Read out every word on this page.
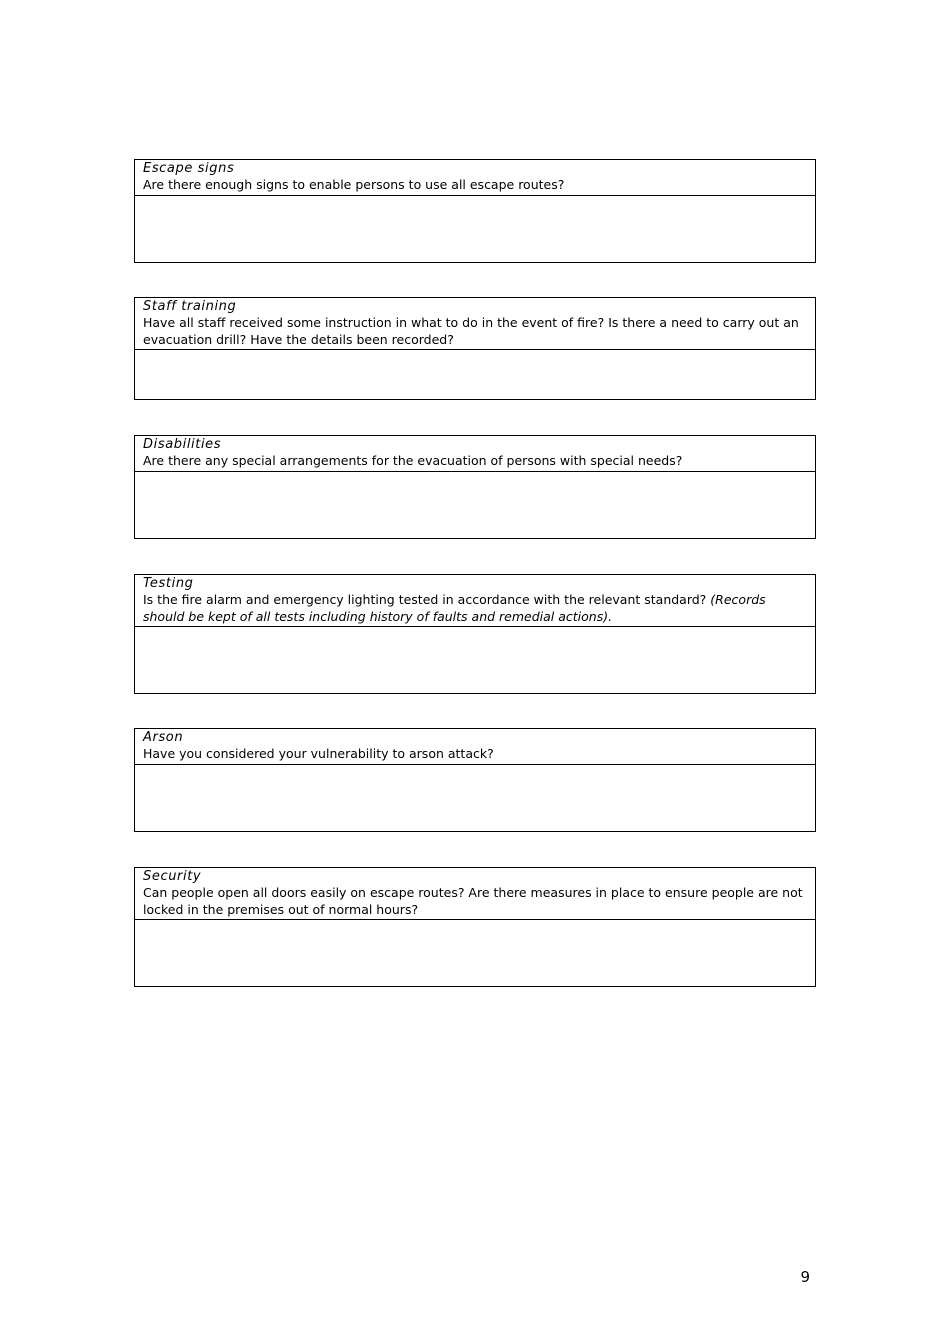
Escape signs
Are there enough signs to enable persons to use all escape routes?
Staff training
Have all staff received some instruction in what to do in the event of fire? Is there a need to carry out an evacuation drill? Have the details been recorded?
Disabilities
Are there any special arrangements for the evacuation of persons with special needs?
Testing
Is the fire alarm and emergency lighting tested in accordance with the relevant standard? (Records should be kept of all tests including history of faults and remedial actions).
Arson
Have you considered your vulnerability to arson attack?
Security
Can people open all doors easily on escape routes? Are there measures in place to ensure people are not locked in the premises out of normal hours?
9
